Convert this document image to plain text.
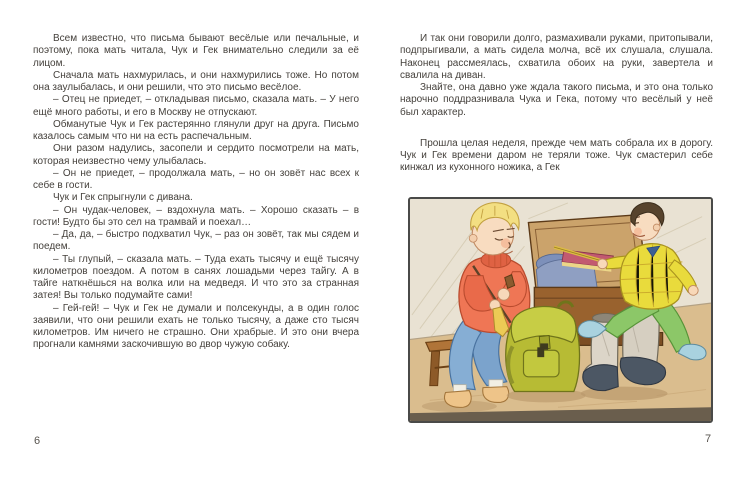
Всем известно, что письма бывают весёлые или печальные, и поэтому, пока мать читала, Чук и Гек внимательно следили за её лицом.

Сначала мать нахмурилась, и они нахмурились тоже. Но потом она заулыбалась, и они решили, что это письмо весёлое.

– Отец не приедет, – откладывая письмо, сказала мать. – У него ещё много работы, и его в Москву не отпускают.

Обманутые Чук и Гек растерянно глянули друг на друга. Письмо казалось самым что ни на есть распечальным.

Они разом надулись, засопели и сердито посмотрели на мать, которая неизвестно чему улыбалась.

– Он не приедет, – продолжала мать, – но он зовёт нас всех к себе в гости.

Чук и Гек спрыгнули с дивана.

– Он чудак-человек, – вздохнула мать. – Хорошо сказать – в гости! Будто бы это сел на трамвай и поехал…

– Да, да, – быстро подхватил Чук, – раз он зовёт, так мы сядем и поедем.

– Ты глупый, – сказала мать. – Туда ехать тысячу и ещё тысячу километров поездом. А потом в санях лошадьми через тайгу. А в тайге наткнёшься на волка или на медведя. И что это за странная затея! Вы только подумайте сами!

– Гей-гей! – Чук и Гек не думали и полсекунды, а в один голос заявили, что они решили ехать не только тысячу, а даже сто тысяч километров. Им ничего не страшно. Они храбрые. И это они вчера прогнали камнями заскочившую во двор чужую собаку.

И так они говорили долго, размахивали руками, притопывали, подпрыгивали, а мать сидела молча, всё их слушала, слушала. Наконец рассмеялась, схватила обоих на руки, завертела и свалила на диван.

Знайте, она давно уже ждала такого письма, и это она только нарочно поддразнивала Чука и Гека, потому что весёлый у неё был характер.

Прошла целая неделя, прежде чем мать собрала их в дорогу. Чук и Гек времени даром не теряли тоже. Чук смастерил себе кинжал из кухонного ножика, а Гек

6	7
